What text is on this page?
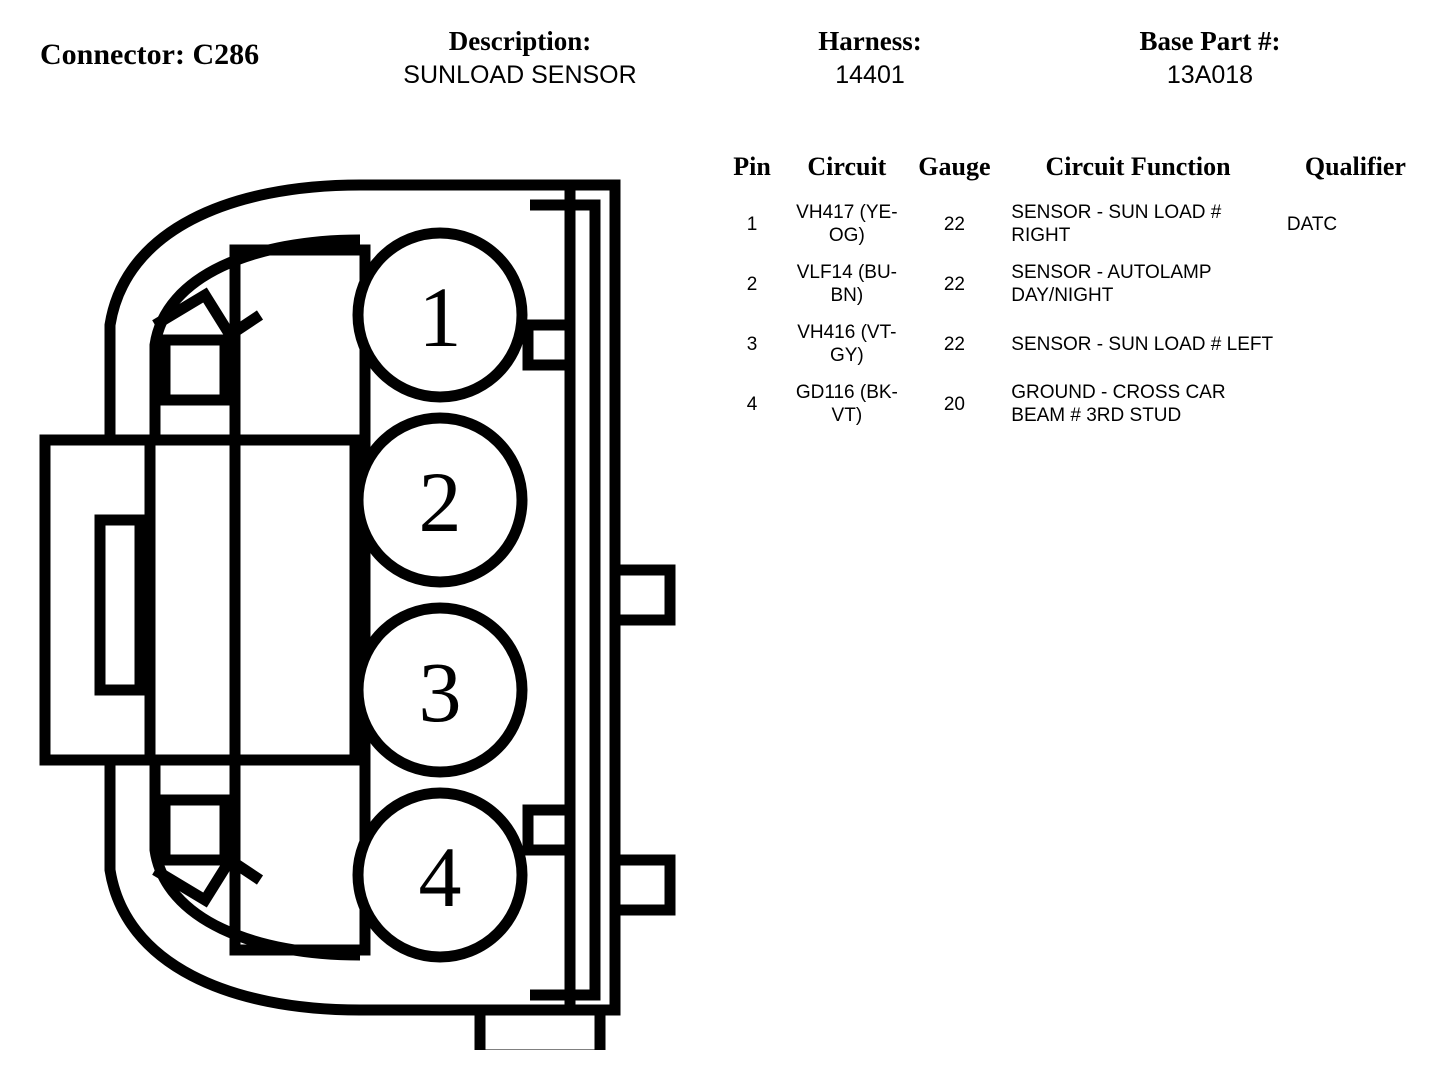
Connector: C286	Description:
SUNLOAD SENSOR
Harness:
14401
Base Part #:
13A018
Pin	Circuit	Gauge	Circuit Function	Qualifier
1	VH417 (YE-OG)	22	SENSOR - SUN LOAD # RIGHT	DATC
2	VLF14 (BU-BN)	22	SENSOR - AUTOLAMP DAY/NIGHT	
3	VH416 (VT-GY)	22	SENSOR - SUN LOAD # LEFT	
4	GD116 (BK-VT)	20	GROUND - CROSS CAR BEAM # 3RD STUD	
1
2
3
4
